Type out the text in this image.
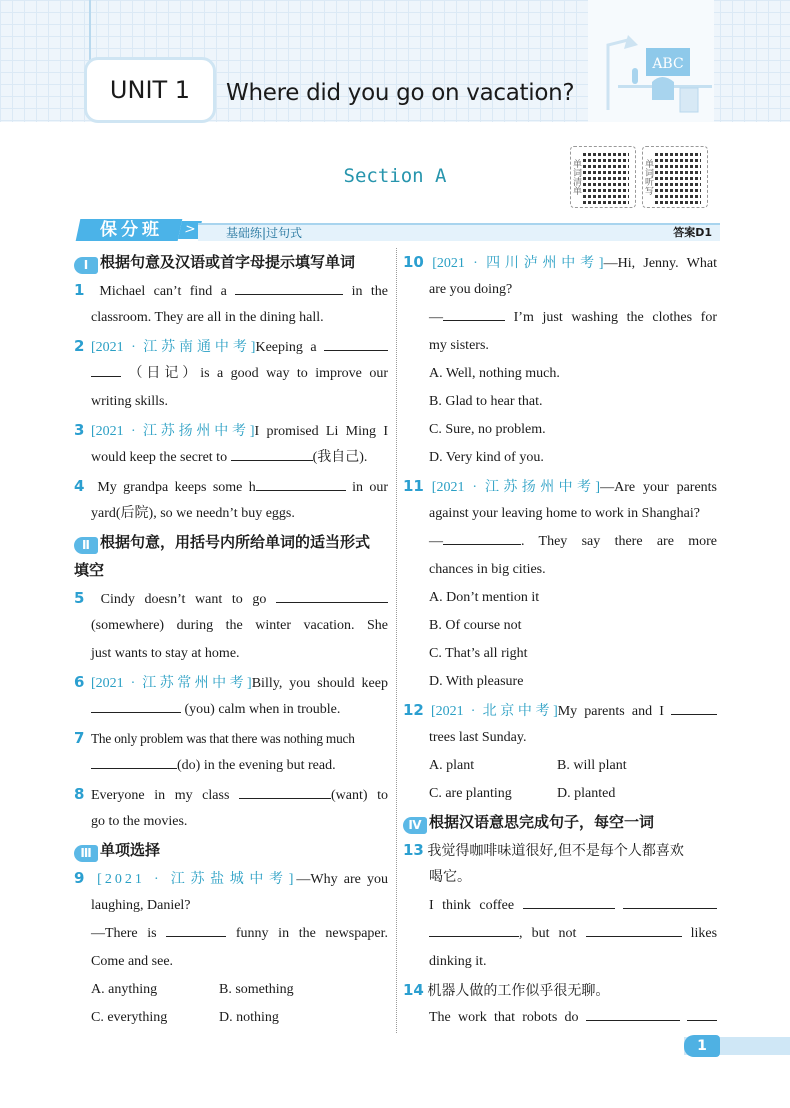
UNIT 1	Where did you go on vacation?
ABC
Section A	单词清单	单词听写
保分班	>	基础练|过句式	答案D1
Ⅰ 根据句意及汉语或首字母提示填写单词
1 Michael can’t find a	in the
classroom. They are all in the dining hall.
2 [2021 · 江苏南通中考]Keeping a
（日记）is a good way to improve our
writing skills.
3 [2021 · 江苏扬州中考]I promised Li Ming I
would keep the secret to	(我自己).
4 My grandpa keeps some h	in our
yard(后院), so we needn’t buy eggs.
Ⅱ 根据句意，用括号内所给单词的适当形式
填空
5 Cindy doesn’t want to go
(somewhere) during the winter vacation. She
just wants to stay at home.
6 [2021 · 江苏常州中考]Billy, you should keep
(you) calm when in trouble.
7 The only problem was that there was nothing much
(do) in the evening but read.
8 Everyone in my class	(want) to
go to the movies.
Ⅲ 单项选择
9 [2021 · 江苏盐城中考]—Why are you
laughing, Daniel?
—There is	funny in the newspaper.
Come and see.
A. anything	B. something
C. everything	D. nothing
10 [2021 · 四川泸州中考]—Hi, Jenny. What
are you doing?
—	I’m just washing the clothes for
my sisters.
A. Well, nothing much.
B. Glad to hear that.
C. Sure, no problem.
D. Very kind of you.
11 [2021 · 江苏扬州中考]—Are your parents
against your leaving home to work in Shanghai?
—	. They say there are more
chances in big cities.
A. Don’t mention it
B. Of course not
C. That’s all right
D. With pleasure
12 [2021 · 北京中考]My parents and I
trees last Sunday.
A. plant	B. will plant
C. are planting	D. planted
Ⅳ 根据汉语意思完成句子，每空一词
13 我觉得咖啡味道很好,但不是每个人都喜欢
喝它。
I think coffee
, but not	likes
dinking it.
14 机器人做的工作似乎很无聊。
The work that robots do
1
